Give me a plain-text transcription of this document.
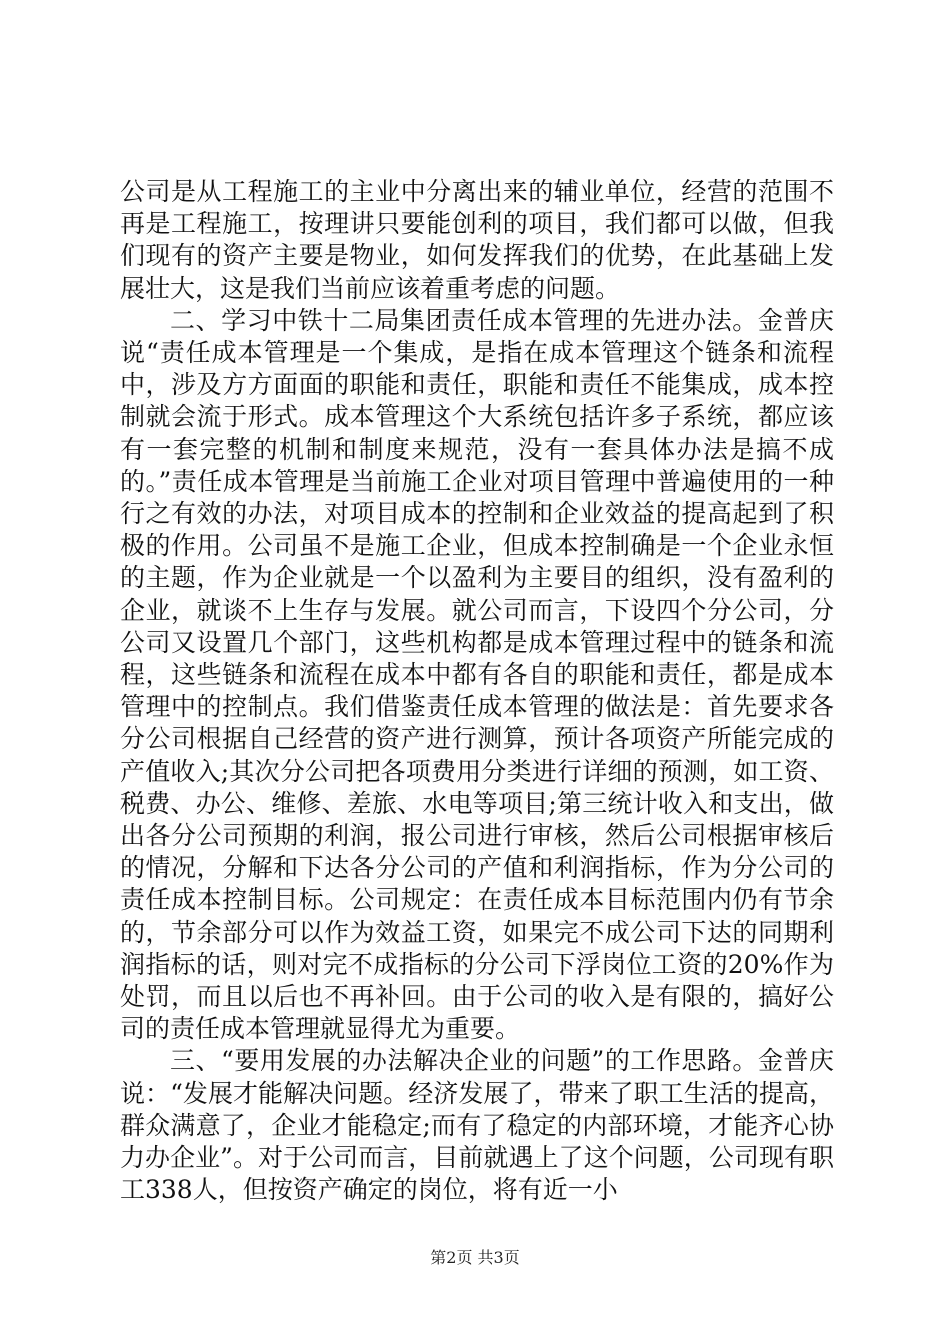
公司是从工程施工的主业中分离出来的辅业单位，经营的范围不再是工程施工，按理讲只要能创利的项目，我们都可以做，但我们现有的资产主要是物业，如何发挥我们的优势，在此基础上发展壮大，这是我们当前应该着重考虑的问题。

二、学习中铁十二局集团责任成本管理的先进办法。金普庆说“责任成本管理是一个集成，是指在成本管理这个链条和流程中，涉及方方面面的职能和责任，职能和责任不能集成，成本控制就会流于形式。成本管理这个大系统包括许多子系统，都应该有一套完整的机制和制度来规范，没有一套具体办法是搞不成的。”责任成本管理是当前施工企业对项目管理中普遍使用的一种行之有效的办法，对项目成本的控制和企业效益的提高起到了积极的作用。公司虽不是施工企业，但成本控制确是一个企业永恒的主题，作为企业就是一个以盈利为主要目的组织，没有盈利的企业，就谈不上生存与发展。就公司而言，下设四个分公司，分公司又设置几个部门，这些机构都是成本管理过程中的链条和流程，这些链条和流程在成本中都有各自的职能和责任，都是成本管理中的控制点。我们借鉴责任成本管理的做法是：首先要求各分公司根据自己经营的资产进行测算，预计各项资产所能完成的产值收入;其次分公司把各项费用分类进行详细的预测，如工资、税费、办公、维修、差旅、水电等项目;第三统计收入和支出，做出各分公司预期的利润，报公司进行审核，然后公司根据审核后的情况，分解和下达各分公司的产值和利润指标，作为分公司的责任成本控制目标。公司规定：在责任成本目标范围内仍有节余的，节余部分可以作为效益工资，如果完不成公司下达的同期利润指标的话，则对完不成指标的分公司下浮岗位工资的20%作为处罚，而且以后也不再补回。由于公司的收入是有限的，搞好公司的责任成本管理就显得尤为重要。

三、“要用发展的办法解决企业的问题”的工作思路。金普庆说：“发展才能解决问题。经济发展了，带来了职工生活的提高，群众满意了，企业才能稳定;而有了稳定的内部环境，才能齐心协力办企业”。对于公司而言，目前就遇上了这个问题，公司现有职工338人，但按资产确定的岗位，将有近一小

第2页 共3页
